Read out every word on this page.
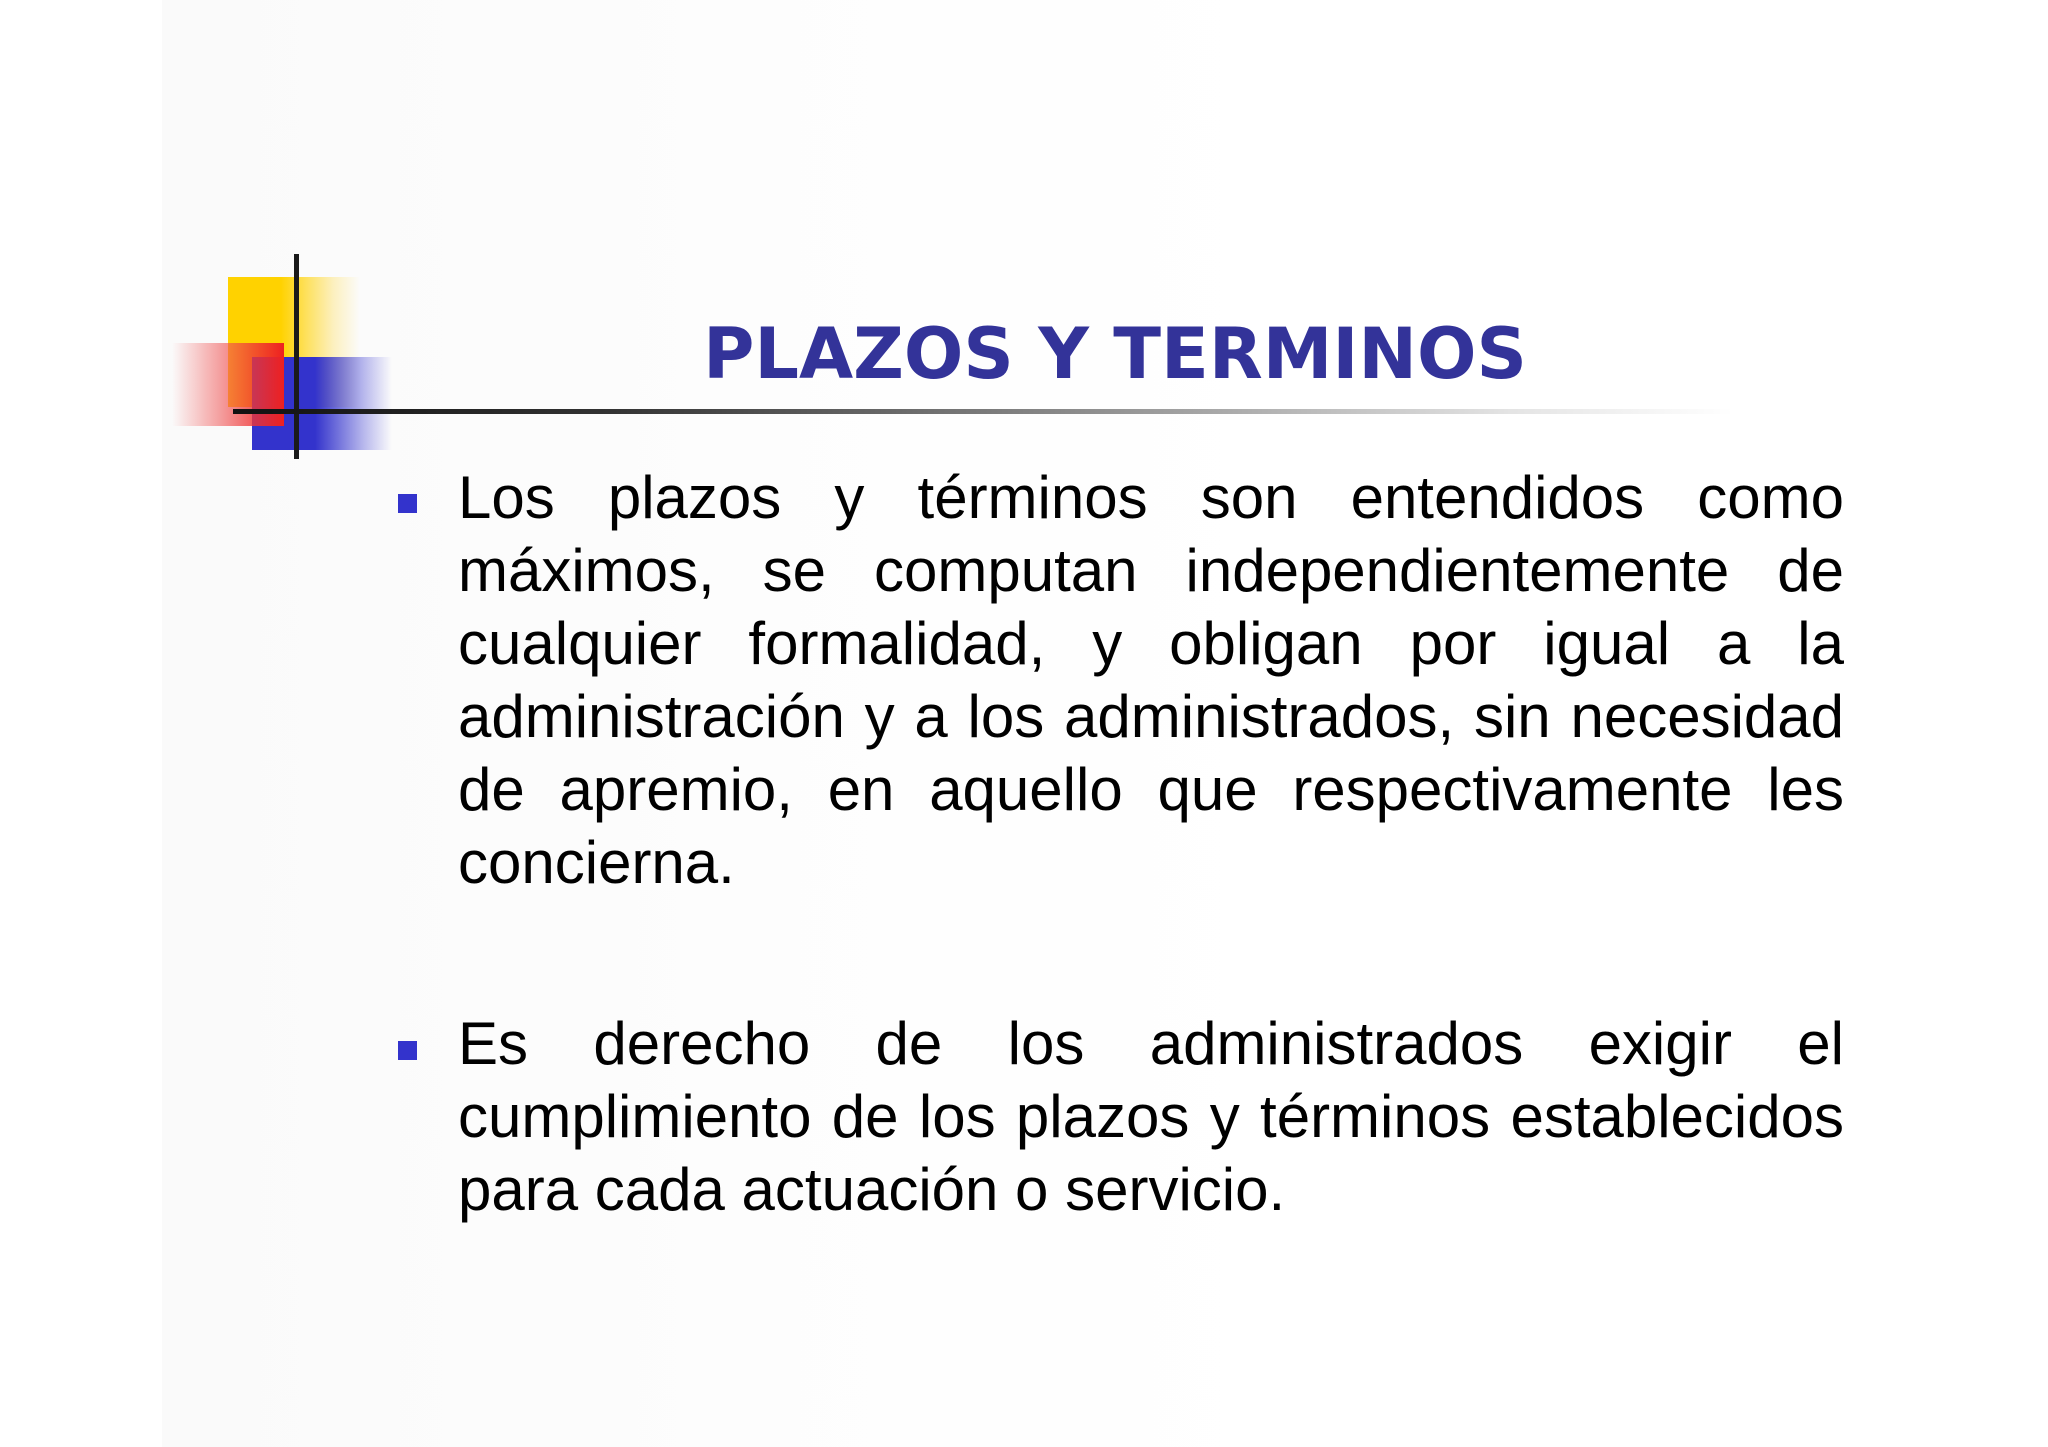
PLAZOS Y TERMINOS

Los plazos y términos son entendidos como máximos, se computan independientemente de cualquier formalidad, y obligan por igual a la administración y a los administrados, sin necesidad de apremio, en aquello que respectivamente les concierna.

Es derecho de los administrados exigir el cumplimiento de los plazos y términos establecidos para cada actuación o servicio.
